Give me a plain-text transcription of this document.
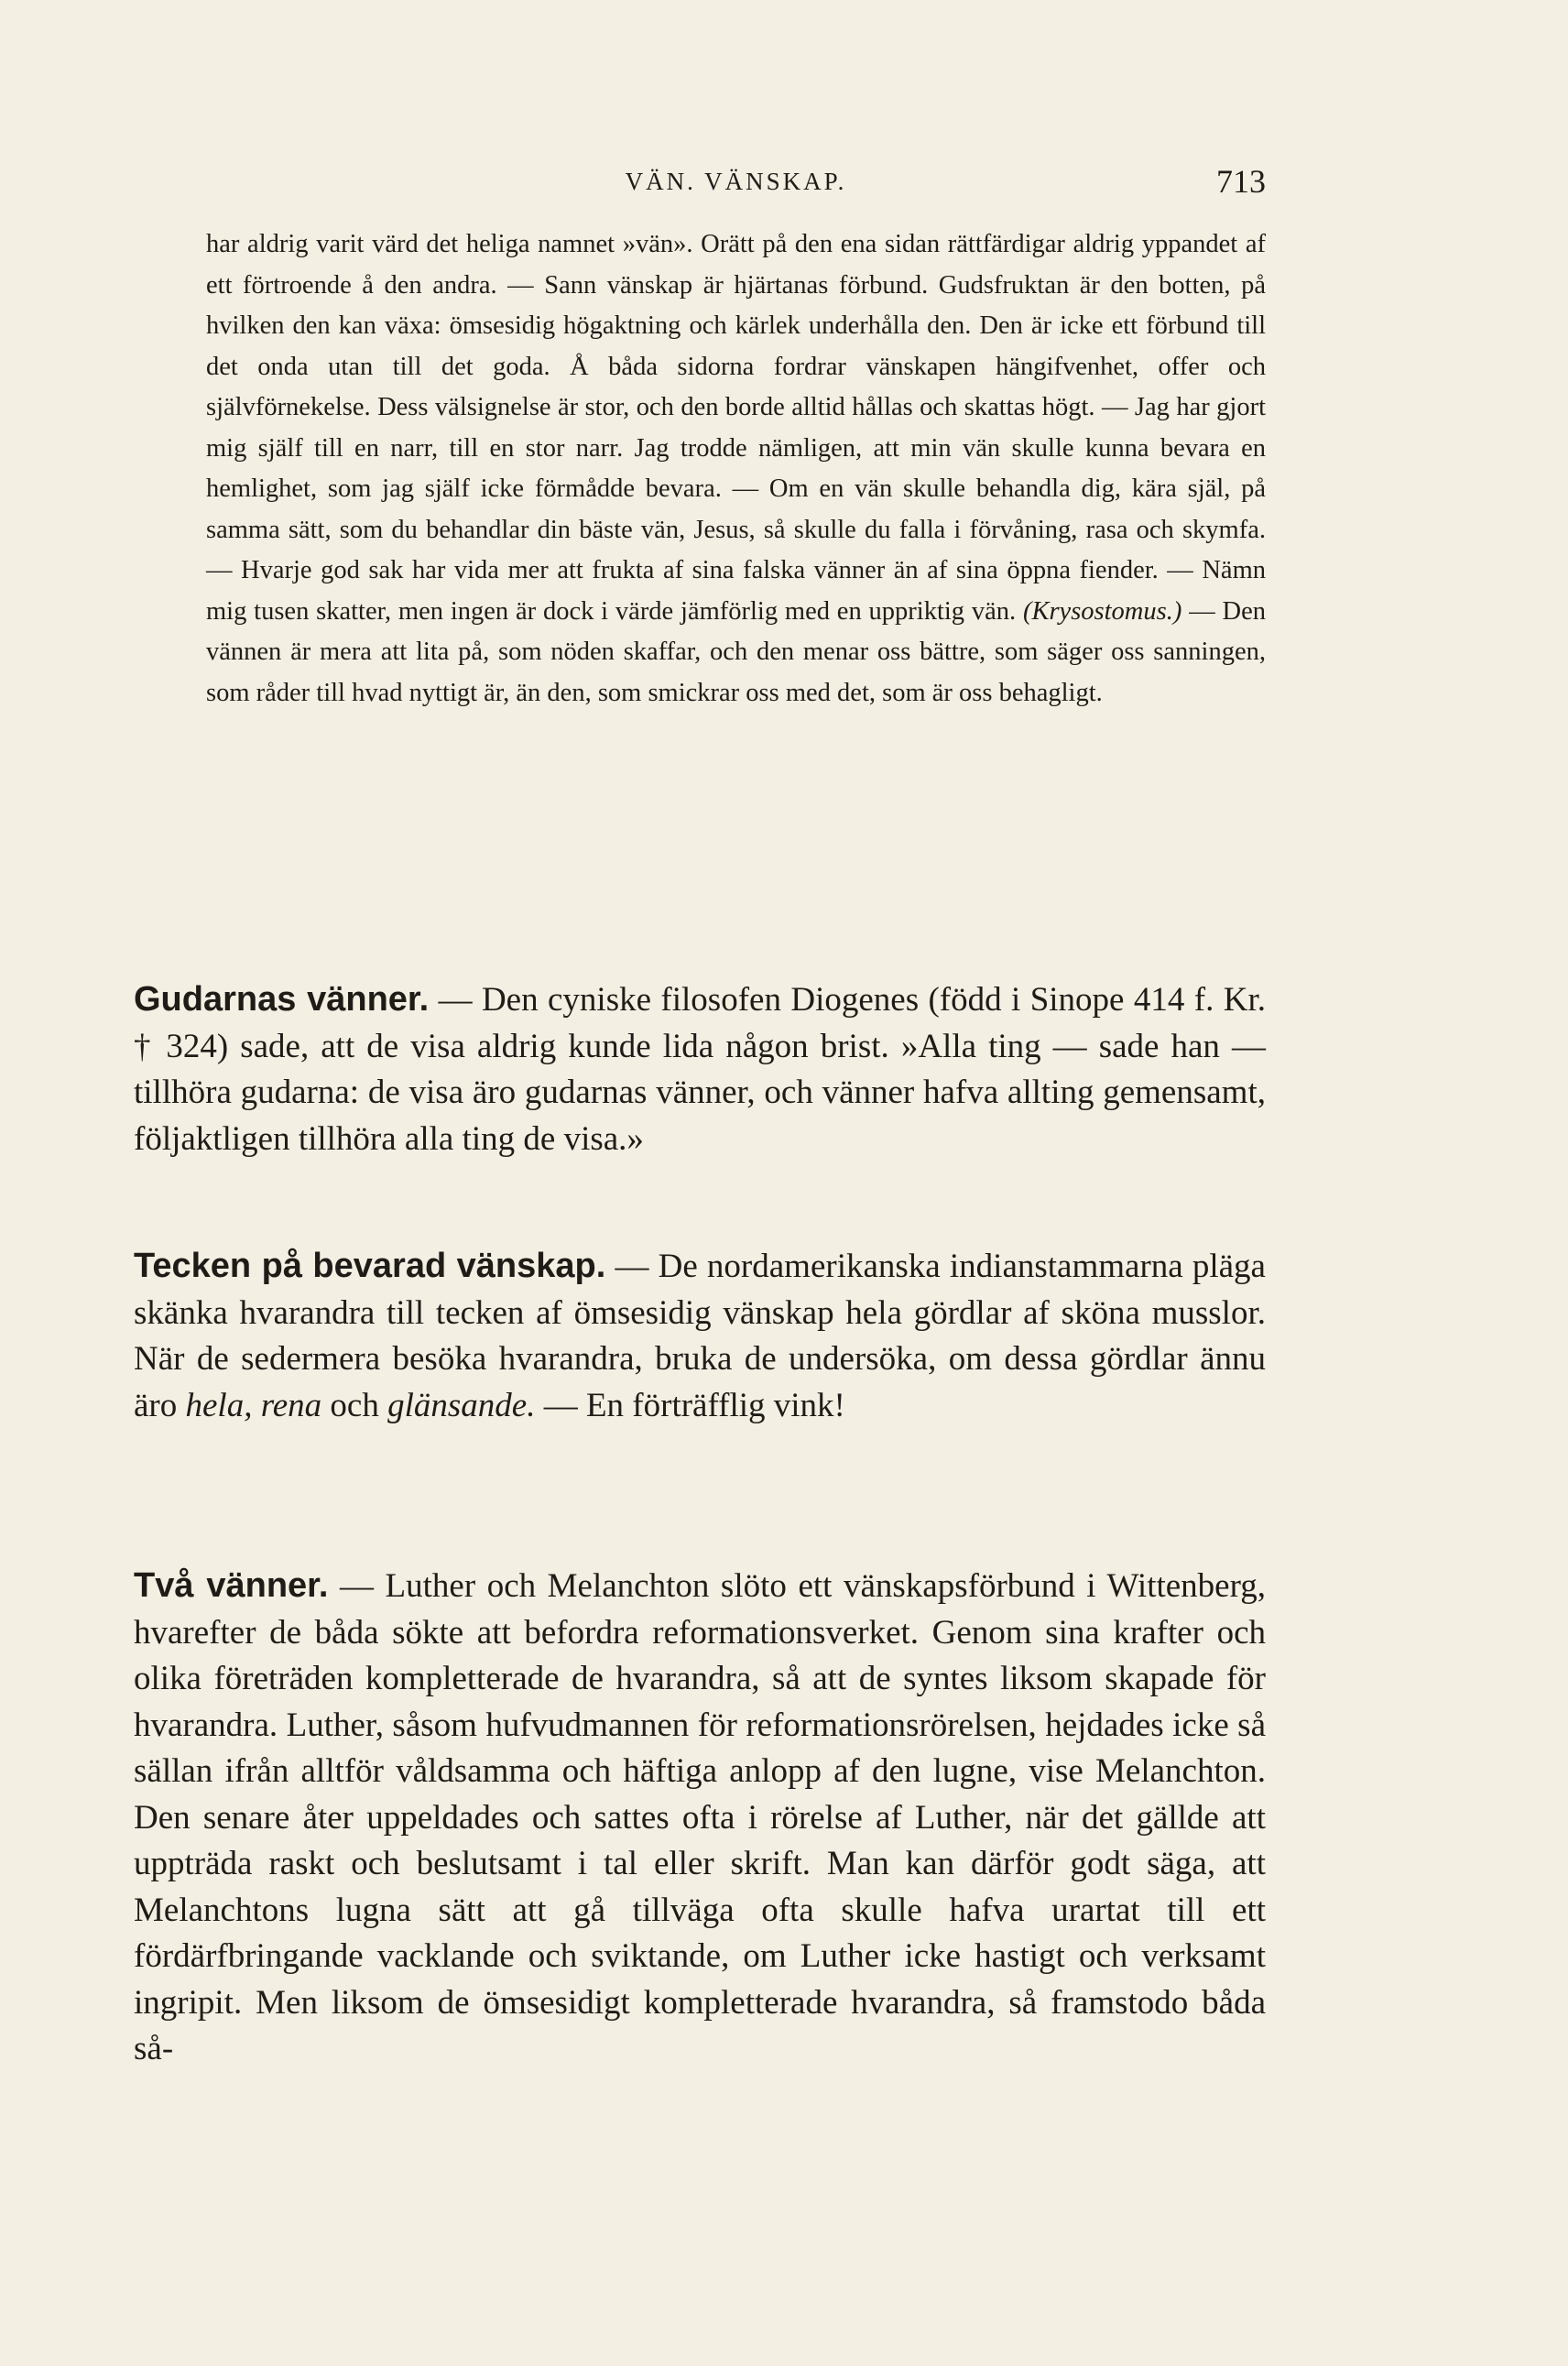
VÄN. VÄNSKAP.	713

har aldrig varit värd det heliga namnet »vän». Orätt på den ena sidan rättfärdigar aldrig yppandet af ett förtroende å den andra. — Sann vänskap är hjärtanas förbund. Gudsfruktan är den botten, på hvilken den kan växa: ömsesidig högaktning och kärlek underhålla den. Den är icke ett förbund till det onda utan till det goda. Å båda sidorna fordrar vänskapen hängifvenhet, offer och självförnekelse. Dess välsignelse är stor, och den borde alltid hållas och skattas högt. — Jag har gjort mig själf till en narr, till en stor narr. Jag trodde nämligen, att min vän skulle kunna bevara en hemlighet, som jag själf icke förmådde bevara. — Om en vän skulle behandla dig, kära själ, på samma sätt, som du behandlar din bäste vän, Jesus, så skulle du falla i förvåning, rasa och skymfa. — Hvarje god sak har vida mer att frukta af sina falska vänner än af sina öppna fiender. — Nämn mig tusen skatter, men ingen är dock i värde jämförlig med en uppriktig vän. (Krysostomus.) — Den vännen är mera att lita på, som nöden skaffar, och den menar oss bättre, som säger oss sanningen, som råder till hvad nyttigt är, än den, som smickrar oss med det, som är oss behagligt.

Gudarnas vänner. — Den cyniske filosofen Diogenes (född i Sinope 414 f. Kr. † 324) sade, att de visa aldrig kunde lida någon brist. »Alla ting — sade han — tillhöra gudarna: de visa äro gudarnas vänner, och vänner hafva allting gemensamt, följaktligen tillhöra alla ting de visa.»

Tecken på bevarad vänskap. — De nordamerikanska indianstammarna pläga skänka hvarandra till tecken af ömsesidig vänskap hela gördlar af sköna musslor. När de sedermera besöka hvarandra, bruka de undersöka, om dessa gördlar ännu äro hela, rena och glänsande. — En förträfflig vink!

Två vänner. — Luther och Melanchton slöto ett vänskapsförbund i Wittenberg, hvarefter de båda sökte att befordra reformationsverket. Genom sina krafter och olika företräden kompletterade de hvarandra, så att de syntes liksom skapade för hvarandra. Luther, såsom hufvudmannen för reformationsrörelsen, hejdades icke så sällan ifrån alltför våldsamma och häftiga anlopp af den lugne, vise Melanchton. Den senare åter uppeldades och sattes ofta i rörelse af Luther, när det gällde att uppträda raskt och beslutsamt i tal eller skrift. Man kan därför godt säga, att Melanchtons lugna sätt att gå tillväga ofta skulle hafva urartat till ett fördärfbringande vacklande och sviktande, om Luther icke hastigt och verksamt ingripit. Men liksom de ömsesidigt kompletterade hvarandra, så framstodo båda så-
